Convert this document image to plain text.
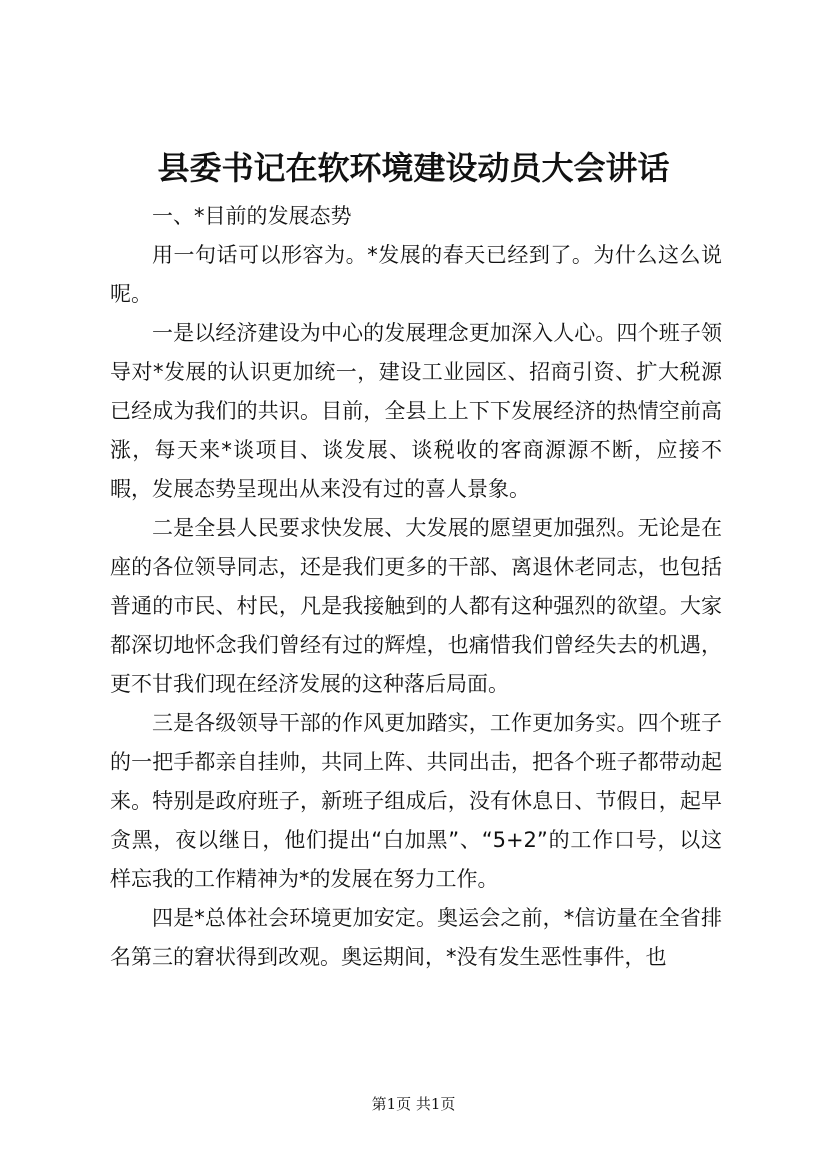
县委书记在软环境建设动员大会讲话

一、*目前的发展态势

用一句话可以形容为。*发展的春天已经到了。为什么这么说呢。

一是以经济建设为中心的发展理念更加深入人心。四个班子领导对*发展的认识更加统一，建设工业园区、招商引资、扩大税源已经成为我们的共识。目前，全县上上下下发展经济的热情空前高涨，每天来*谈项目、谈发展、谈税收的客商源源不断，应接不暇，发展态势呈现出从来没有过的喜人景象。

二是全县人民要求快发展、大发展的愿望更加强烈。无论是在座的各位领导同志，还是我们更多的干部、离退休老同志，也包括普通的市民、村民，凡是我接触到的人都有这种强烈的欲望。大家都深切地怀念我们曾经有过的辉煌，也痛惜我们曾经失去的机遇，更不甘我们现在经济发展的这种落后局面。

三是各级领导干部的作风更加踏实，工作更加务实。四个班子的一把手都亲自挂帅，共同上阵、共同出击，把各个班子都带动起来。特别是政府班子，新班子组成后，没有休息日、节假日，起早贪黑，夜以继日，他们提出“白加黑”、“5+2”的工作口号，以这样忘我的工作精神为*的发展在努力工作。

四是*总体社会环境更加安定。奥运会之前，*信访量在全省排名第三的窘状得到改观。奥运期间，*没有发生恶性事件，也

第1页 共1页
